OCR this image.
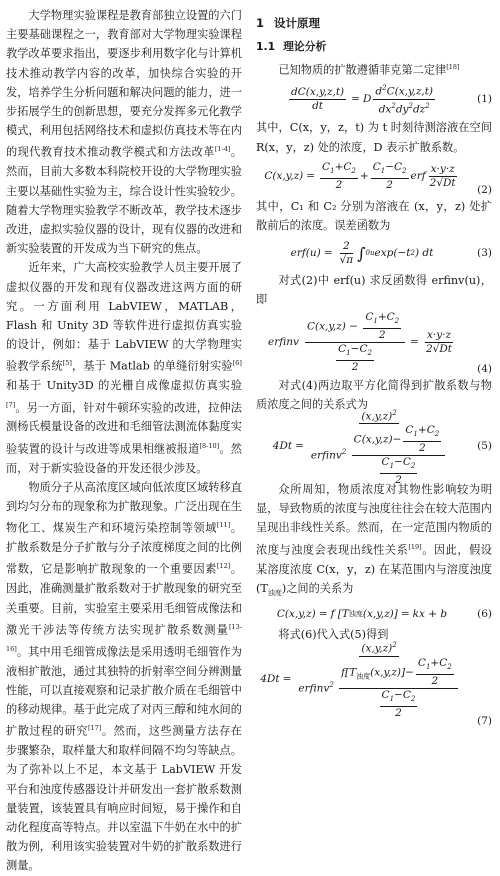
大学物理实验课程是教育部独立设置的六门主要基础课程之一，教育部对大学物理实验课程教学改革要求指出，要逐步利用数字化与计算机技术推动教学内容的改革，加快综合实验的开发，培养学生分析问题和解决问题的能力，进一步拓展学生的创新思想，要充分发挥多元化教学模式，利用包括网络技术和虚拟仿真技术等在内的现代教育技术推动教学模式和方法改革[1-4]。然而，目前大多数本科院校开设的大学物理实验主要以基础性实验为主，综合设计性实验较少。随着大学物理实验教学不断改革，教学技术逐步改进，虚拟实验仪器的设计，现有仪器的改进和新实验装置的开发成为当下研究的焦点。

近年来，广大高校实验教学人员主要开展了虚拟仪器的开发和现有仪器改进这两方面的研究。一方面利用 LabVIEW，MATLAB，Flash 和 Unity 3D 等软件进行虚拟仿真实验的设计，例如：基于 LabVIEW 的大学物理实验教学系统[5]，基于 Matlab 的单缝衍射实验[6]和基于 Unity3D 的光栅自成像虚拟仿真实验[7]。另一方面，针对牛顿环实验的改进，拉伸法测杨氏模量设备的改进和毛细管法测流体黏度实验装置的设计与改进等成果相继被报道[8-10]。然而，对于新实验设备的开发还很少涉及。

物质分子从高浓度区域向低浓度区域转移直到均匀分布的现象称为扩散现象。广泛出现在生物化工、煤炭生产和环境污染控制等领域[11]。扩散系数是分子扩散与分子浓度梯度之间的比例常数，它是影响扩散现象的一个重要因素[12]。因此，准确测量扩散系数对于扩散现象的研究至关重要。目前，实验室主要采用毛细管成像法和激光干涉法等传统方法实现扩散系数测量[13-16]。其中用毛细管成像法是采用透明毛细管作为液相扩散池，通过其独特的折射率空间分辨测量性能，可以直接观察和记录扩散介质在毛细管中的移动规律。基于此完成了对丙三醇和纯水间的扩散过程的研究[17]。然而，这些测量方法存在步骤繁杂，取样量大和取样间隔不均匀等缺点。为了弥补以上不足，本文基于 LabVIEW 开发平台和浊度传感器设计并研发出一套扩散系数测量装置，该装置具有响应时间短，易于操作和自动化程度高等特点。并以室温下牛奶在水中的扩散为例，利用该实验装置对牛奶的扩散系数进行测量。

1 设计原理
1.1 理论分析

已知物质的扩散遵循菲克第二定律[18]

$\frac{dC(x,y,z,t)}{dt} = D \frac{d^2C(x,y,z,t)}{dx^2dy^2dz^2}$	(1)

其中，C(x，y，z，t) 为 t 时刻待测溶液在空间 R(x，y，z) 处的浓度，D 表示扩散系数。

$C(x,y,z) = \frac{C_1+C_2}{2} + \frac{C_1-C_2}{2}$ erf $\frac{x\cdot y\cdot z}{2√Dt} (2)$

其中，C₁ 和 C₂ 分别为溶液在 (x，y，z) 处扩散前后的浓度。误差函数为

$erf(u) = \frac{2}{√\pi}$ ∫ 0 u exp(−t 2 ) dt	(3)

对式(2)中 erf(u) 求反函数得 erfinv(u)，即

erfinv $\frac{C(x,y,z) - \frac{C_1+C_2}{2}}{\frac{C_1-C_2}{2}} = \frac{x\cdot y\cdot z}{2√Dt}$
(4)

对式(4)两边取平方化简得到扩散系数与物质浓度之间的关系式为

$4Dt = \frac{(x,y,z)^2}{erfinv^2 \frac{C(x,y,z)- \frac{C_1+C_2}{2}}{\frac{C_1-C_2}{2}}}$	(5)

众所周知，物质浓度对其物性影响较为明显，导致物质的浓度与浊度往往会在较大范围内呈现出非线性关系。然而，在一定范围内物质的浓度与浊度会表现出线性关系[19]。因此，假设某溶度浓度 C(x，y，z) 在某范围内与溶度浊度$(T_{浊度})$之间的关系为

C(x,y,z) = f [T 浊度 (x,y,z)] = kx + b	(6)

将式(6)代入式(5)得到

$4Dt = \frac{(x,y,z)^2}{erfinv^2 \frac{f[T_{浊度}(x,y,z)]- \frac{C_1+C_2}{2}}{\frac{C_1-C_2}{2}}}$
(7)
